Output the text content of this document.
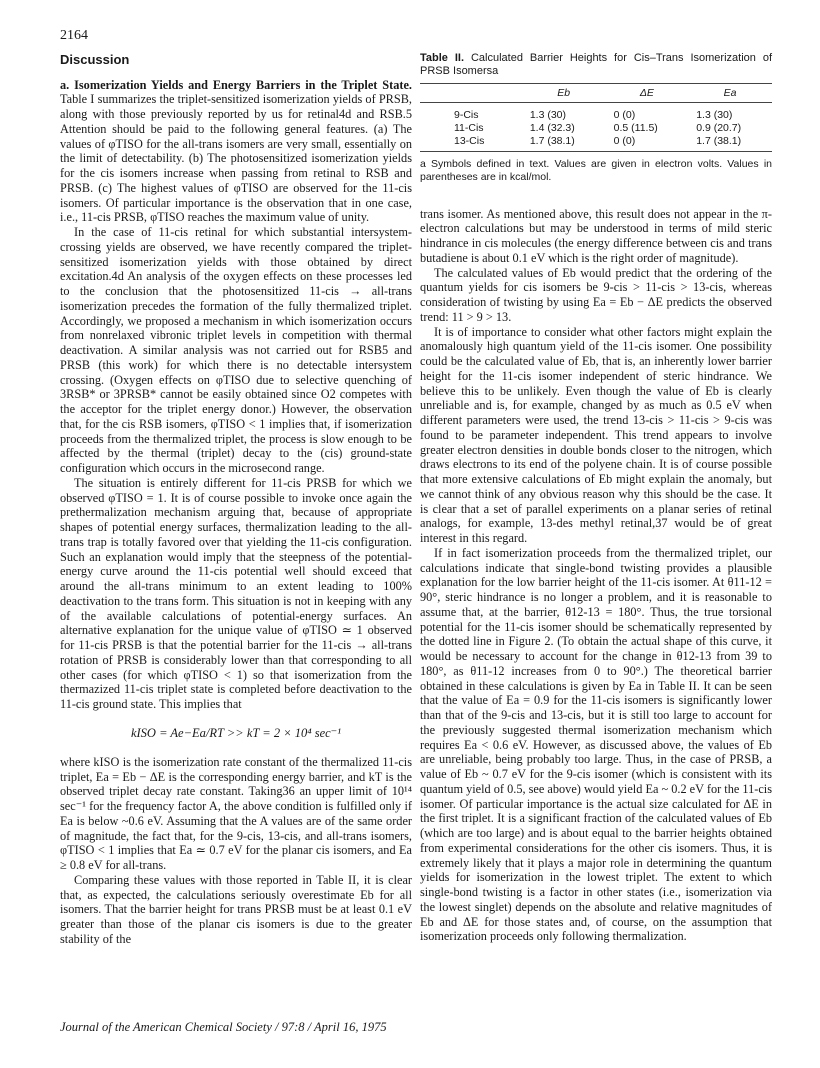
2164
Discussion

a. Isomerization Yields and Energy Barriers in the Triplet State. Table I summarizes the triplet-sensitized isomerization yields of PRSB, along with those previously reported by us for retinal4d and RSB.5 Attention should be paid to the following general features. (a) The values of φTISO for the all-trans isomers are very small, essentially on the limit of detectability. (b) The photosensitized isomerization yields for the cis isomers increase when passing from retinal to RSB and PRSB. (c) The highest values of φTISO are observed for the 11-cis isomers. Of particular importance is the observation that in one case, i.e., 11-cis PRSB, φTISO reaches the maximum value of unity.

In the case of 11-cis retinal for which substantial intersystem-crossing yields are observed, we have recently compared the triplet-sensitized isomerization yields with those obtained by direct excitation.4d An analysis of the oxygen effects on these processes led to the conclusion that the photosensitized 11-cis → all-trans isomerization precedes the formation of the fully thermalized triplet. Accordingly, we proposed a mechanism in which isomerization occurs from nonrelaxed vibronic triplet levels in competition with thermal deactivation. A similar analysis was not carried out for RSB5 and PRSB (this work) for which there is no detectable intersystem crossing. (Oxygen effects on φTISO due to selective quenching of 3RSB* or 3PRSB* cannot be easily obtained since O2 competes with the acceptor for the triplet energy donor.) However, the observation that, for the cis RSB isomers, φTISO < 1 implies that, if isomerization proceeds from the thermalized triplet, the process is slow enough to be affected by the thermal (triplet) decay to the (cis) ground-state configuration which occurs in the microsecond range.

The situation is entirely different for 11-cis PRSB for which we observed φTISO = 1. It is of course possible to invoke once again the prethermalization mechanism arguing that, because of appropriate shapes of potential energy surfaces, thermalization leading to the all-trans trap is totally favored over that yielding the 11-cis configuration. Such an explanation would imply that the steepness of the potential-energy curve around the 11-cis potential well should exceed that around the all-trans minimum to an extent leading to 100% deactivation to the trans form. This situation is not in keeping with any of the available calculations of potential-energy surfaces. An alternative explanation for the unique value of φTISO ≃ 1 observed for 11-cis PRSB is that the potential barrier for the 11-cis → all-trans rotation of PRSB is considerably lower than that corresponding to all other cases (for which φTISO < 1) so that isomerization from the thermazized 11-cis triplet state is completed before deactivation to the 11-cis ground state. This implies that

kISO = Ae−Ea/RT >> kT = 2 × 10⁴ sec⁻¹

where kISO is the isomerization rate constant of the thermalized 11-cis triplet, Ea = Eb − ΔE is the corresponding energy barrier, and kT is the observed triplet decay rate constant. Taking36 an upper limit of 10¹⁴ sec⁻¹ for the frequency factor A, the above condition is fulfilled only if Ea is below ~0.6 eV. Assuming that the A values are of the same order of magnitude, the fact that, for the 9-cis, 13-cis, and all-trans isomers, φTISO < 1 implies that Ea ≃ 0.7 eV for the planar cis isomers, and Ea ≥ 0.8 eV for all-trans.

Comparing these values with those reported in Table II, it is clear that, as expected, the calculations seriously overestimate Eb for all isomers. That the barrier height for trans PRSB must be at least 0.1 eV greater than those of the planar cis isomers is due to the greater stability of the

Table II. Calculated Barrier Heights for Cis–Trans Isomerization of PRSB Isomersa
	Eb	ΔE	Ea
9-Cis	1.3 (30)	0 (0)	1.3 (30)
11-Cis	1.4 (32.3)	0.5 (11.5)	0.9 (20.7)
13-Cis	1.7 (38.1)	0 (0)	1.7 (38.1)
a Symbols defined in text. Values are given in electron volts. Values in parentheses are in kcal/mol.

trans isomer. As mentioned above, this result does not appear in the π-electron calculations but may be understood in terms of mild steric hindrance in cis molecules (the energy difference between cis and trans butadiene is about 0.1 eV which is the right order of magnitude).

The calculated values of Eb would predict that the ordering of the quantum yields for cis isomers be 9-cis > 11-cis > 13-cis, whereas consideration of twisting by using Ea = Eb − ΔE predicts the observed trend: 11 > 9 > 13.

It is of importance to consider what other factors might explain the anomalously high quantum yield of the 11-cis isomer. One possibility could be the calculated value of Eb, that is, an inherently lower barrier height for the 11-cis isomer independent of steric hindrance. We believe this to be unlikely. Even though the value of Eb is clearly unreliable and is, for example, changed by as much as 0.5 eV when different parameters were used, the trend 13-cis > 11-cis > 9-cis was found to be parameter independent. This trend appears to involve greater electron densities in double bonds closer to the nitrogen, which draws electrons to its end of the polyene chain. It is of course possible that more extensive calculations of Eb might explain the anomaly, but we cannot think of any obvious reason why this should be the case. It is clear that a set of parallel experiments on a planar series of retinal analogs, for example, 13-des methyl retinal,37 would be of great interest in this regard.

If in fact isomerization proceeds from the thermalized triplet, our calculations indicate that single-bond twisting provides a plausible explanation for the low barrier height of the 11-cis isomer. At θ11-12 = 90°, steric hindrance is no longer a problem, and it is reasonable to assume that, at the barrier, θ12-13 = 180°. Thus, the true torsional potential for the 11-cis isomer should be schematically represented by the dotted line in Figure 2. (To obtain the actual shape of this curve, it would be necessary to account for the change in θ12-13 from 39 to 180°, as θ11-12 increases from 0 to 90°.) The theoretical barrier obtained in these calculations is given by Ea in Table II. It can be seen that the value of Ea = 0.9 for the 11-cis isomers is significantly lower than that of the 9-cis and 13-cis, but it is still too large to account for the previously suggested thermal isomerization mechanism which requires Ea < 0.6 eV. However, as discussed above, the values of Eb are unreliable, being probably too large. Thus, in the case of PRSB, a value of Eb ~ 0.7 eV for the 9-cis isomer (which is consistent with its quantum yield of 0.5, see above) would yield Ea ~ 0.2 eV for the 11-cis isomer. Of particular importance is the actual size calculated for ΔE in the first triplet. It is a significant fraction of the calculated values of Eb (which are too large) and is about equal to the barrier heights obtained from experimental considerations for the other cis isomers. Thus, it is extremely likely that it plays a major role in determining the quantum yields for isomerization in the lowest triplet. The extent to which single-bond twisting is a factor in other states (i.e., isomerization via the lowest singlet) depends on the absolute and relative magnitudes of Eb and ΔE for those states and, of course, on the assumption that isomerization proceeds only following thermalization.

Journal of the American Chemical Society / 97:8 / April 16, 1975
